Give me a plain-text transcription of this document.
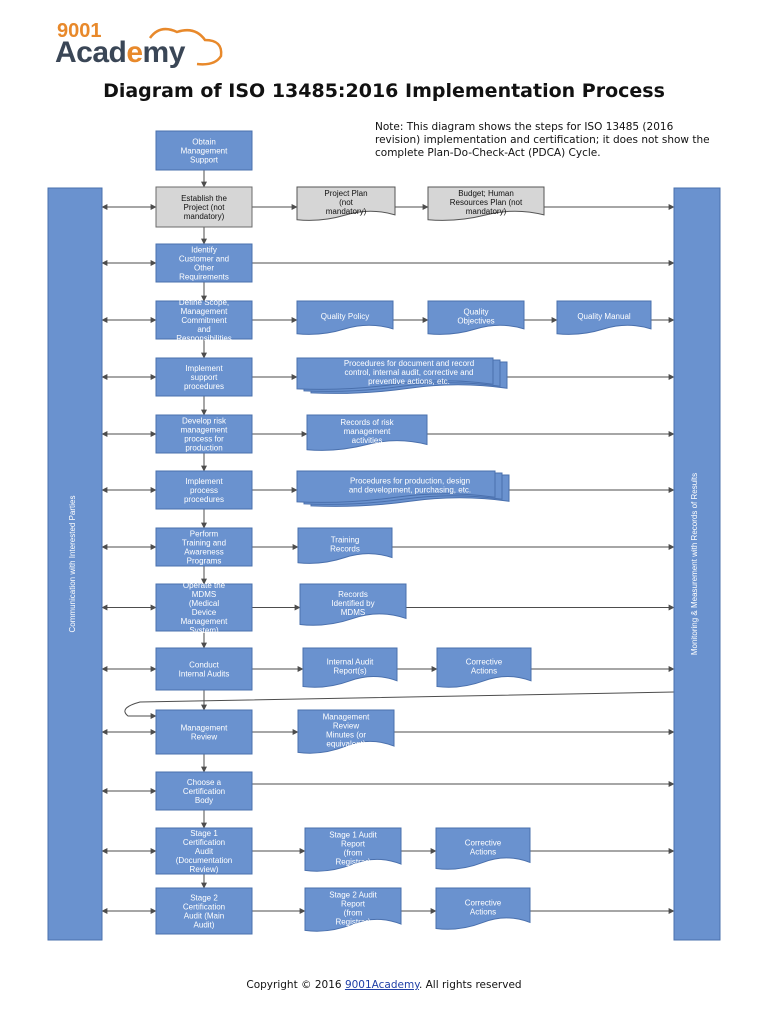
9001
Academy
Diagram of ISO 13485:2016 Implementation Process
Note: This diagram shows the steps for ISO 13485 (2016 revision) implementation and certification; it does not show the complete Plan-Do-Check-Act (PDCA) Cycle.
Communication with Interested Parties	Monitoring & Measurement with Records of Results
Obtain
Management
Support
Establish the
Project (not
mandatory)
Identify
Customer and
Other
Requirements
Define Scope,
Management
Commitment
and
Responsibilities
Implement
support
procedures
Develop risk
management
process for
production
Implement
process
procedures
Perform
Training and
Awareness
Programs
Operate the
MDMS
(Medical
Device
Management
System)
Conduct
Internal Audits
Management
Review
Choose a
Certification
Body
Stage 1
Certification
Audit
(Documentation
Review)
Stage 2
Certification
Audit (Main
Audit)
Project Plan
(not
mandatory)
Budget; Human
Resources Plan (not
mandatory)
Quality Policy	Quality
Objectives	Quality Manual
Procedures for document and record
control, internal audit, corrective and
preventive actions, etc.
Records of risk
management
activities
Procedures for production, design
and development, purchasing, etc.
Training
Records
Records
Identified by
MDMS
Internal Audit
Report(s)
Corrective
Actions
Management
Review
Minutes (or
equivalent)
Stage 1 Audit
Report
(from
Registrar)
Corrective
Actions
Stage 2 Audit
Report
(from
Registrar)
Corrective
Actions
Copyright © 2016 9001Academy. All rights reserved
